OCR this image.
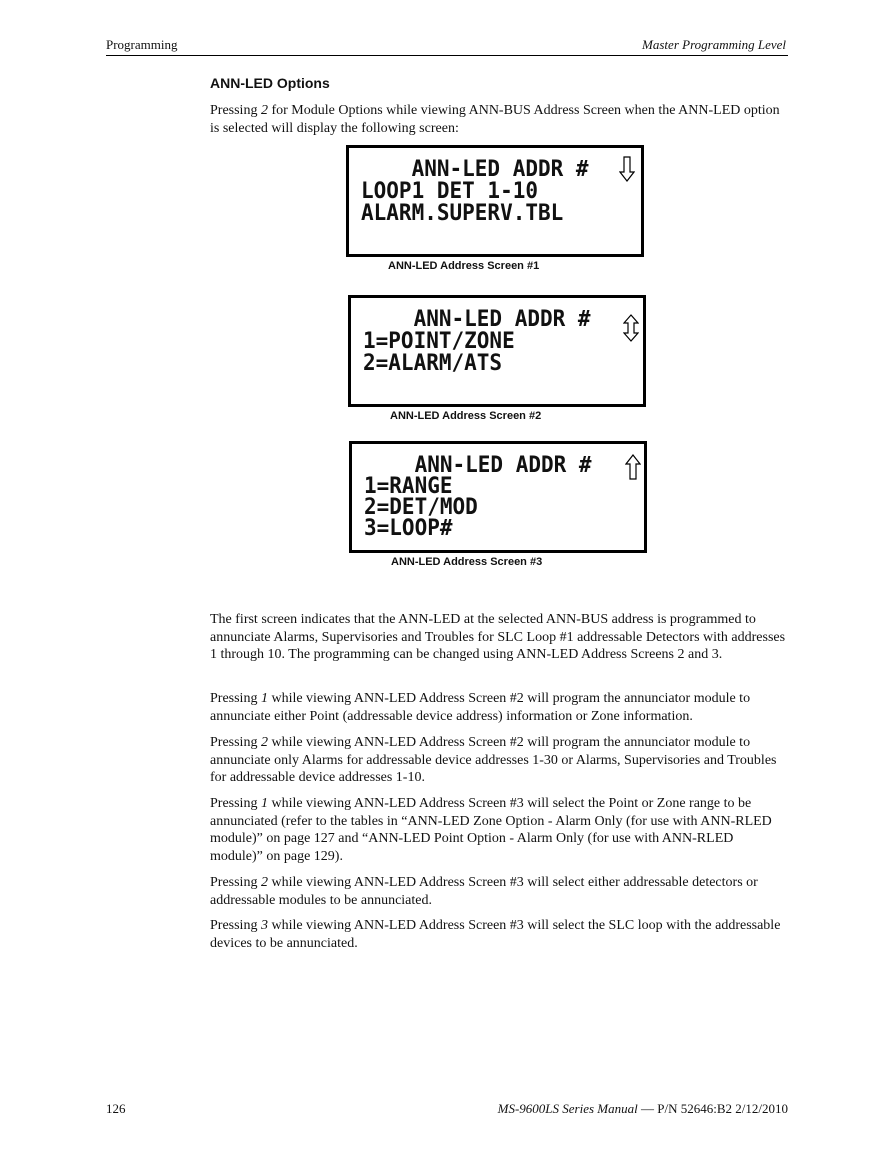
Programming	Master Programming Level
ANN-LED Options
Pressing 2 for Module Options while viewing ANN-BUS Address Screen when the ANN-LED option is selected will display the following screen:
ANN-LED ADDR #
LOOP1 DET 1-10
ALARM.SUPERV.TBL
ANN-LED Address Screen #1
ANN-LED ADDR #
1=POINT/ZONE
2=ALARM/ATS
ANN-LED Address Screen #2
ANN-LED ADDR #
1=RANGE
2=DET/MOD
3=LOOP#
ANN-LED Address Screen #3
The first screen indicates that the ANN-LED at the selected ANN-BUS address is programmed to annunciate Alarms, Supervisories and Troubles for SLC Loop #1 addressable Detectors with addresses 1 through 10. The programming can be changed using ANN-LED Address Screens 2 and 3.
Pressing 1 while viewing ANN-LED Address Screen #2 will program the annunciator module to annunciate either Point (addressable device address) information or Zone information.
Pressing 2 while viewing ANN-LED Address Screen #2 will program the annunciator module to annunciate only Alarms for addressable device addresses 1-30 or Alarms, Supervisories and Troubles for addressable device addresses 1-10.
Pressing 1 while viewing ANN-LED Address Screen #3 will select the Point or Zone range to be annunciated (refer to the tables in “ANN-LED Zone Option - Alarm Only (for use with ANN-RLED module)” on page 127 and “ANN-LED Point Option - Alarm Only (for use with ANN-RLED module)” on page 129).
Pressing 2 while viewing ANN-LED Address Screen #3 will select either addressable detectors or addressable modules to be annunciated.
Pressing 3 while viewing ANN-LED Address Screen #3 will select the SLC loop with the addressable devices to be annunciated.
126	MS-9600LS Series Manual — P/N 52646:B2 2/12/2010
